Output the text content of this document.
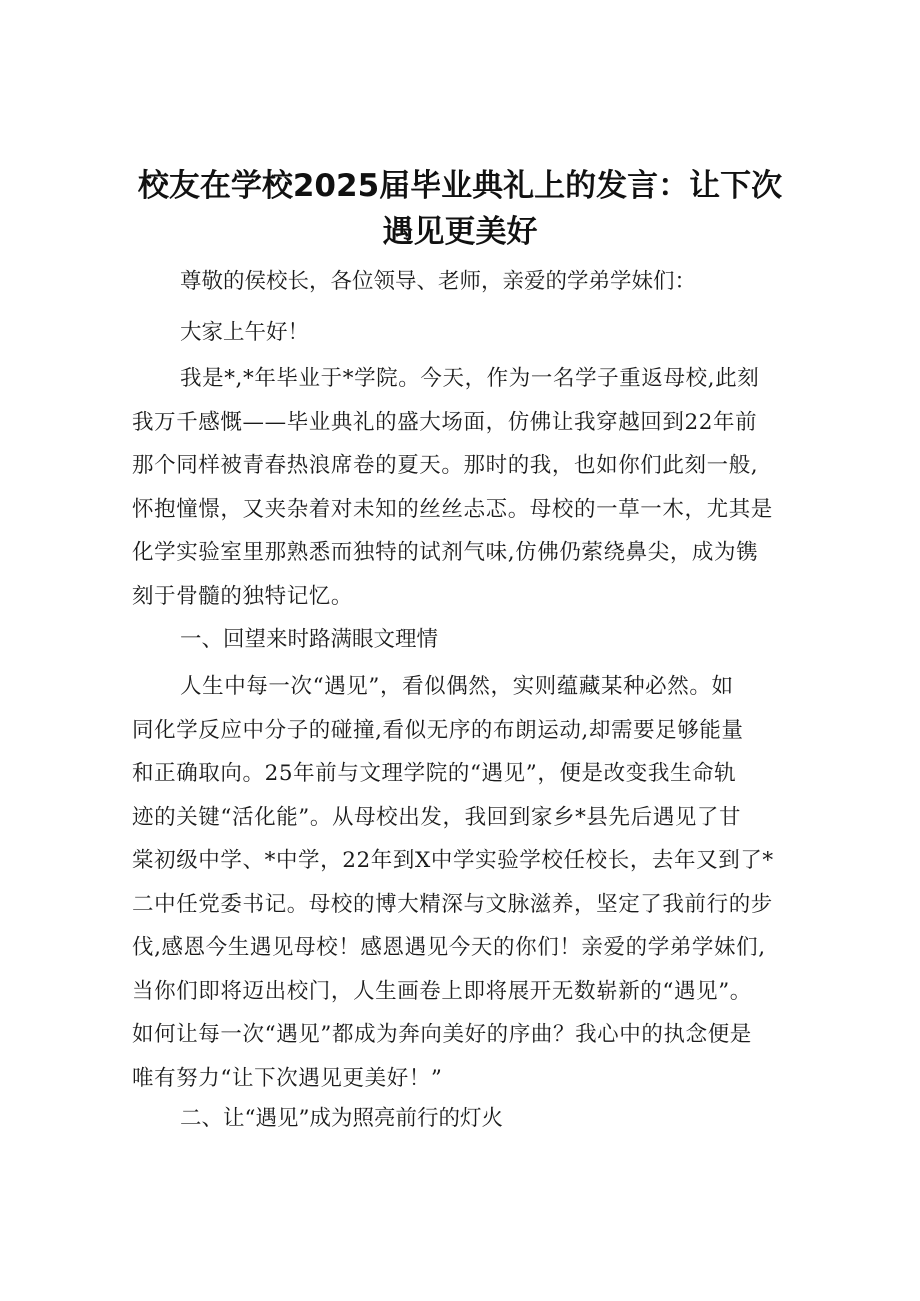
校友在学校2025届毕业典礼上的发言：让下次
遇见更美好

尊敬的侯校长，各位领导、老师，亲爱的学弟学妹们：

大家上午好！

我是*,*年毕业于*学院。今天，作为一名学子重返母校,此刻
我万千感慨——毕业典礼的盛大场面，仿佛让我穿越回到22年前
那个同样被青春热浪席卷的夏天。那时的我，也如你们此刻一般,
怀抱憧憬，又夹杂着对未知的丝丝忐忑。母校的一草一木，尤其是
化学实验室里那熟悉而独特的试剂气味,仿佛仍萦绕鼻尖，成为镌
刻于骨髓的独特记忆。

一、回望来时路满眼文理情

人生中每一次“遇见”，看似偶然，实则蕴藏某种必然。如
同化学反应中分子的碰撞,看似无序的布朗运动,却需要足够能量
和正确取向。25年前与文理学院的“遇见”，便是改变我生命轨
迹的关键“活化能”。从母校出发，我回到家乡*县先后遇见了甘
棠初级中学、*中学，22年到X中学实验学校任校长，去年又到了*
二中任党委书记。母校的博大精深与文脉滋养，坚定了我前行的步
伐,感恩今生遇见母校！感恩遇见今天的你们！亲爱的学弟学妹们,
当你们即将迈出校门，人生画卷上即将展开无数崭新的“遇见”。
如何让每一次“遇见”都成为奔向美好的序曲？我心中的执念便是
唯有努力“让下次遇见更美好！”

二、让“遇见”成为照亮前行的灯火
